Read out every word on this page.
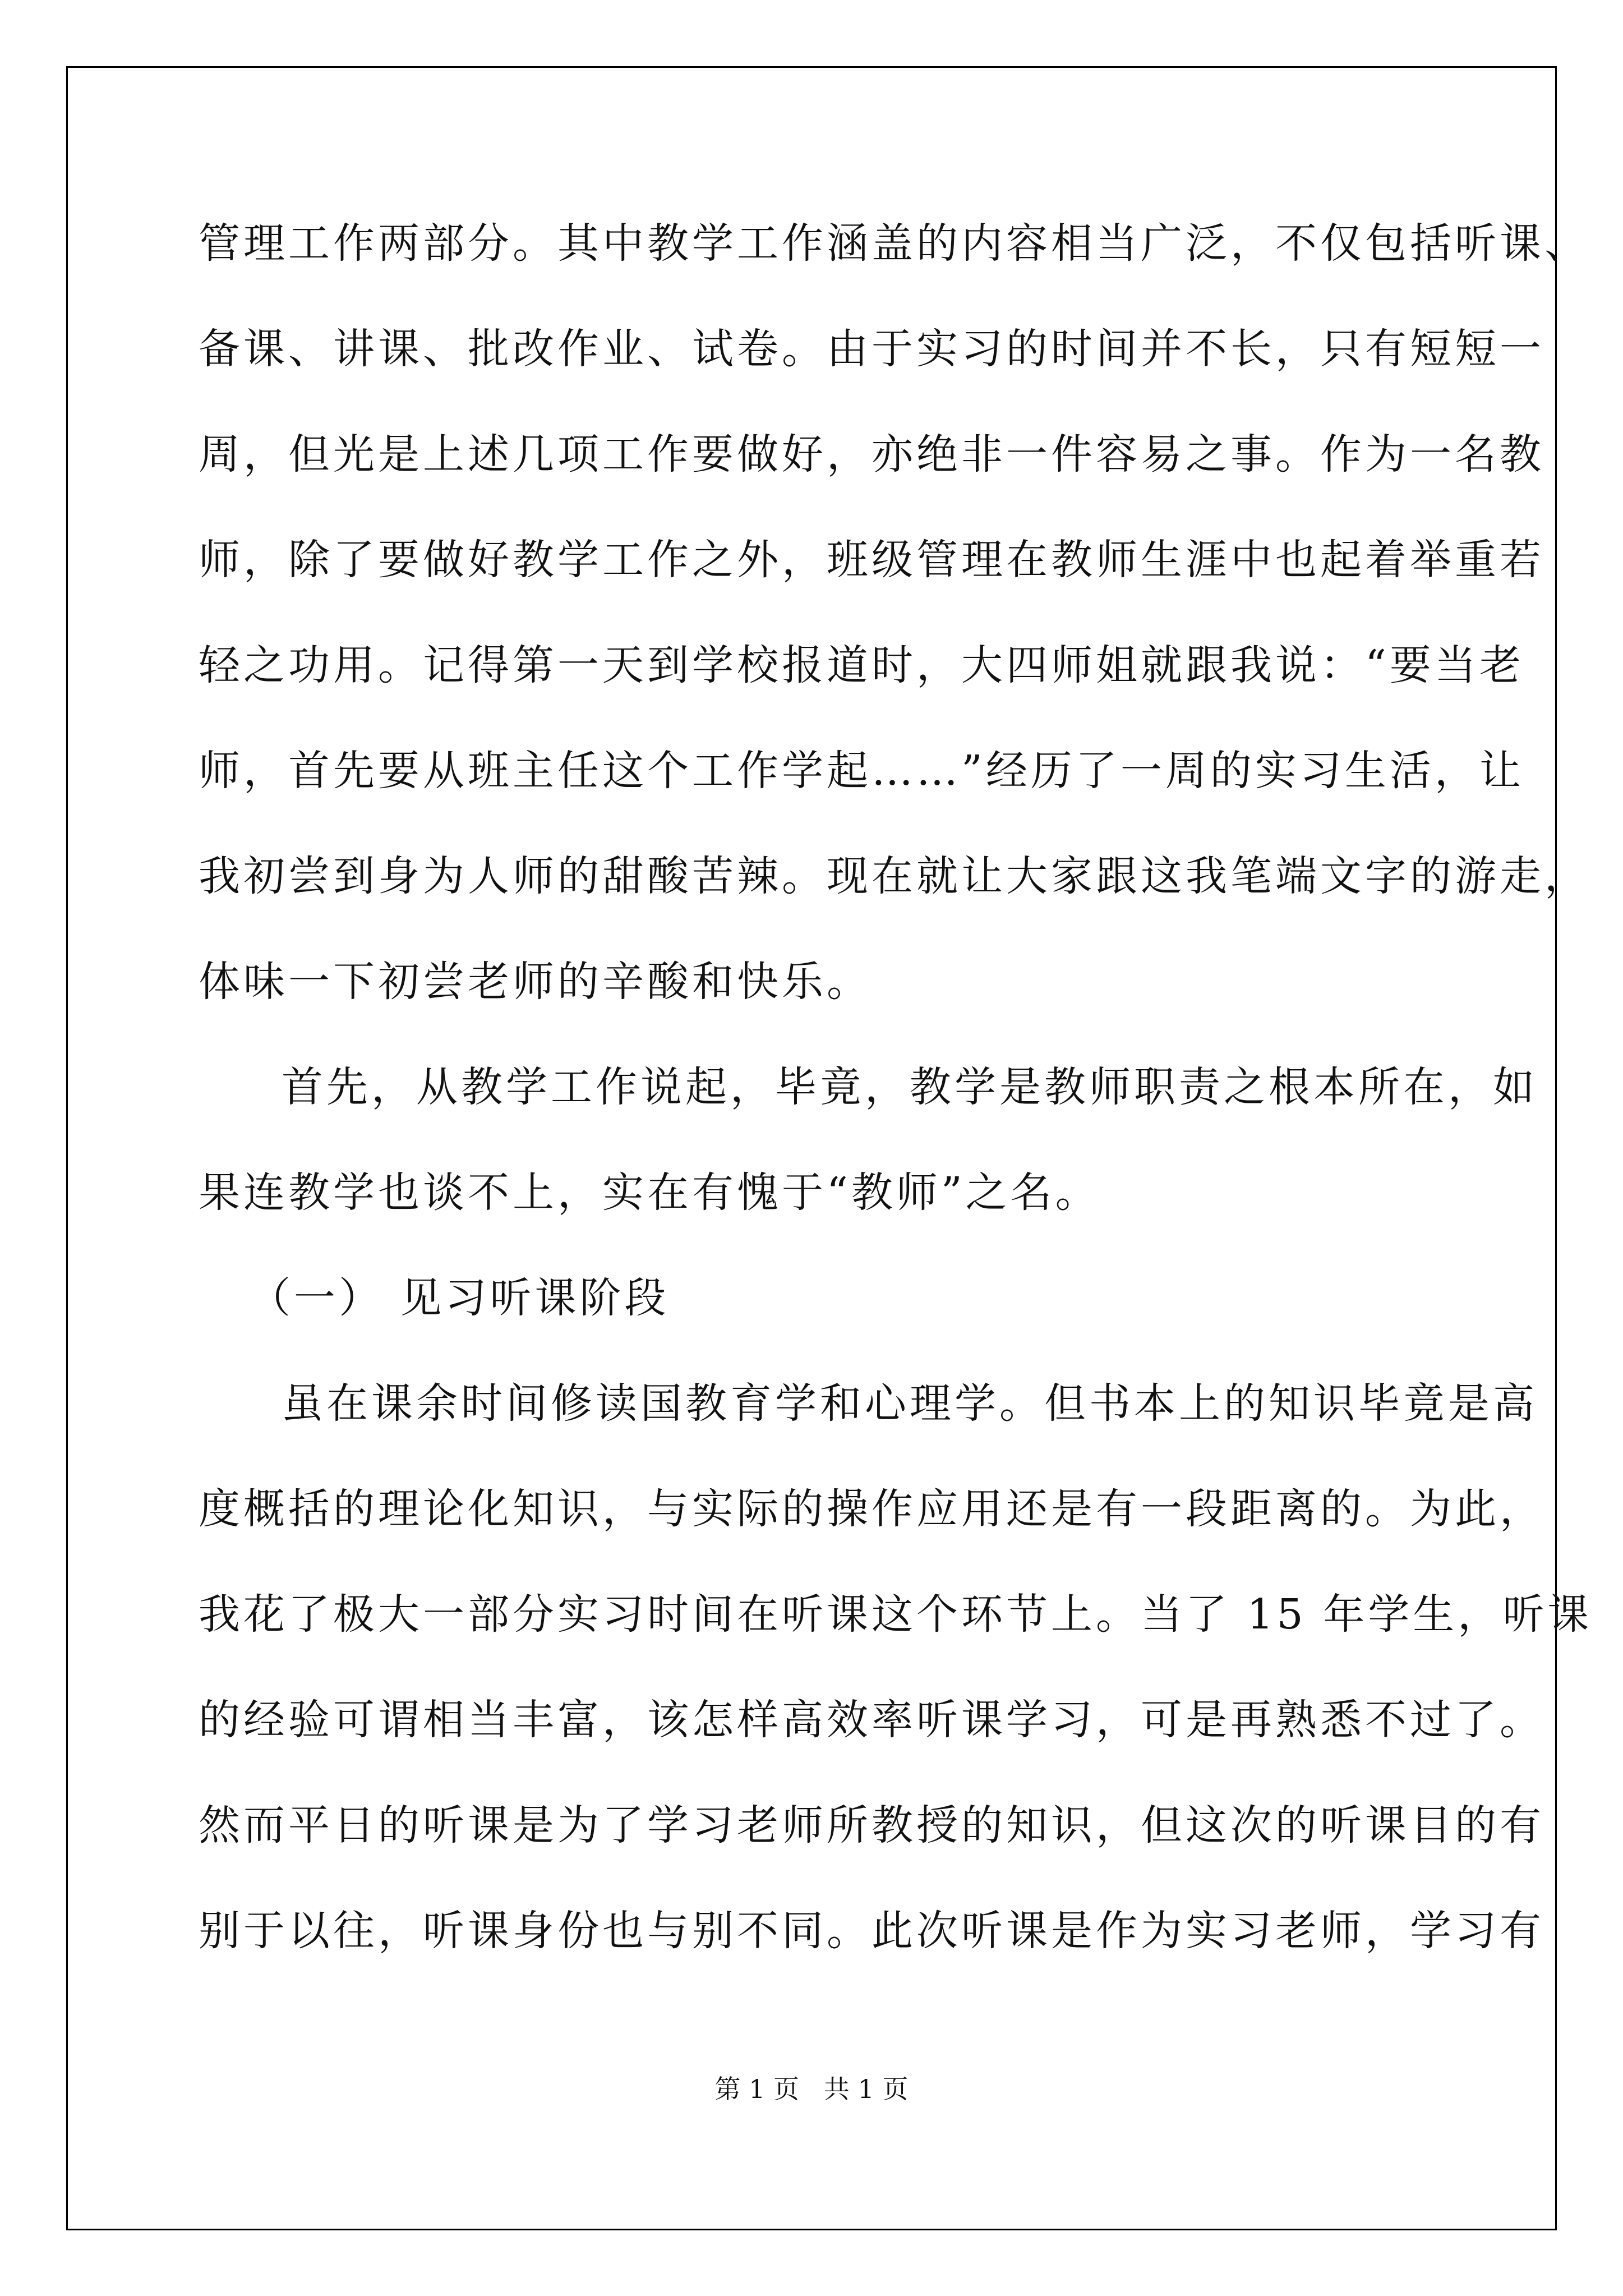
管理工作两部分。其中教学工作涵盖的内容相当广泛，不仅包括听课、
备课、讲课、批改作业、试卷。由于实习的时间并不长，只有短短一
周，但光是上述几项工作要做好，亦绝非一件容易之事。作为一名教
师，除了要做好教学工作之外，班级管理在教师生涯中也起着举重若
轻之功用。记得第一天到学校报道时，大四师姐就跟我说：“要当老
师，首先要从班主任这个工作学起……”经历了一周的实习生活，让
我初尝到身为人师的甜酸苦辣。现在就让大家跟这我笔端文字的游走，
体味一下初尝老师的辛酸和快乐。
首先，从教学工作说起，毕竟，教学是教师职责之根本所在，如
果连教学也谈不上，实在有愧于“教师”之名。
（一） 见习听课阶段
虽在课余时间修读国教育学和心理学。但书本上的知识毕竟是高
度概括的理论化知识，与实际的操作应用还是有一段距离的。为此，
我花了极大一部分实习时间在听课这个环节上。当了 15 年学生，听课
的经验可谓相当丰富，该怎样高效率听课学习，可是再熟悉不过了。
然而平日的听课是为了学习老师所教授的知识，但这次的听课目的有
别于以往，听课身份也与别不同。此次听课是作为实习老师，学习有
第 1 页   共 1 页
